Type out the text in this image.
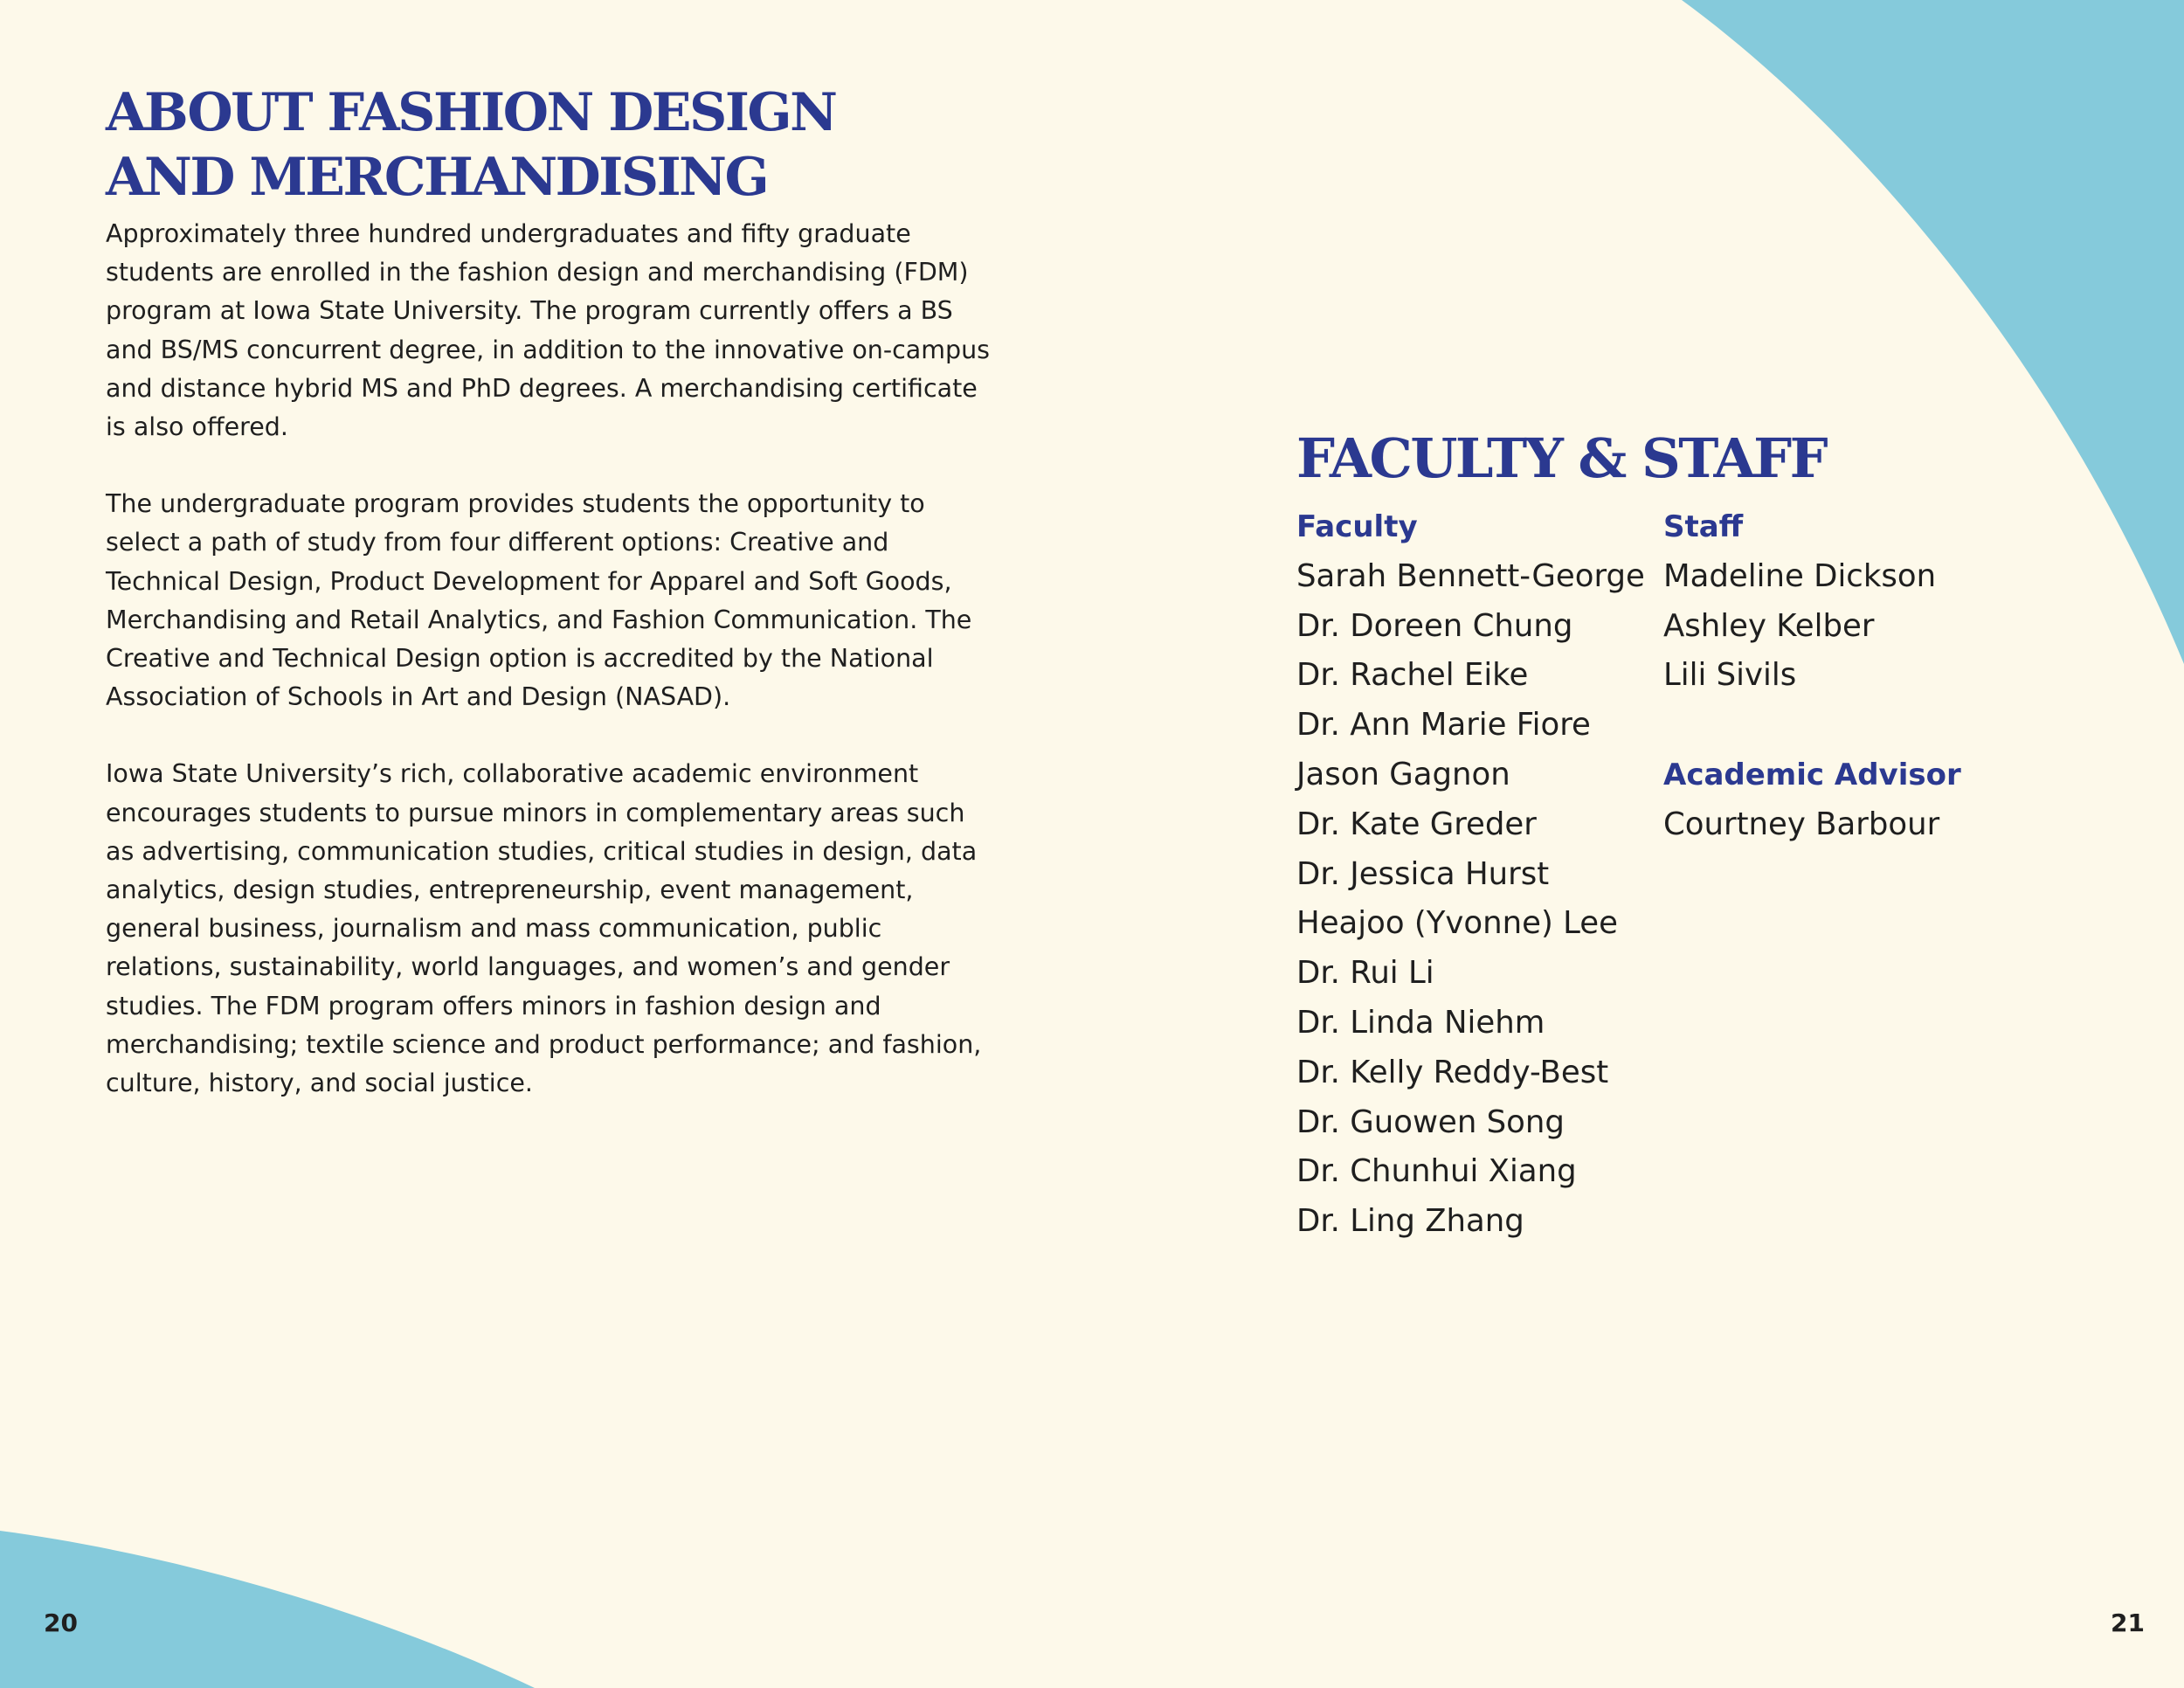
ABOUT FASHION DESIGN
AND MERCHANDISING

Approximately three hundred undergraduates and fifty graduate students are enrolled in the fashion design and merchandising (FDM) program at Iowa State University. The program currently offers a BS and BS/MS concurrent degree, in addition to the innovative on-campus and distance hybrid MS and PhD degrees. A merchandising certificate is also offered.

The undergraduate program provides students the opportunity to select a path of study from four different options: Creative and Technical Design, Product Development for Apparel and Soft Goods, Merchandising and Retail Analytics, and Fashion Communication. The Creative and Technical Design option is accredited by the National Association of Schools in Art and Design (NASAD).

Iowa State University’s rich, collaborative academic environment encourages students to pursue minors in complementary areas such as advertising, communication studies, critical studies in design, data analytics, design studies, entrepreneurship, event management, general business, journalism and mass communication, public relations, sustainability, world languages, and women’s and gender studies. The FDM program offers minors in fashion design and merchandising; textile science and product performance; and fashion, culture, history, and social justice.

FACULTY & STAFF
Faculty
Sarah Bennett-George
Dr. Doreen Chung
Dr. Rachel Eike
Dr. Ann Marie Fiore
Jason Gagnon
Dr. Kate Greder
Dr. Jessica Hurst
Heajoo (Yvonne) Lee
Dr. Rui Li
Dr. Linda Niehm
Dr. Kelly Reddy-Best
Dr. Guowen Song
Dr. Chunhui Xiang
Dr. Ling Zhang
Staff
Madeline Dickson
Ashley Kelber
Lili Sivils
Academic Advisor
Courtney Barbour
20	21
